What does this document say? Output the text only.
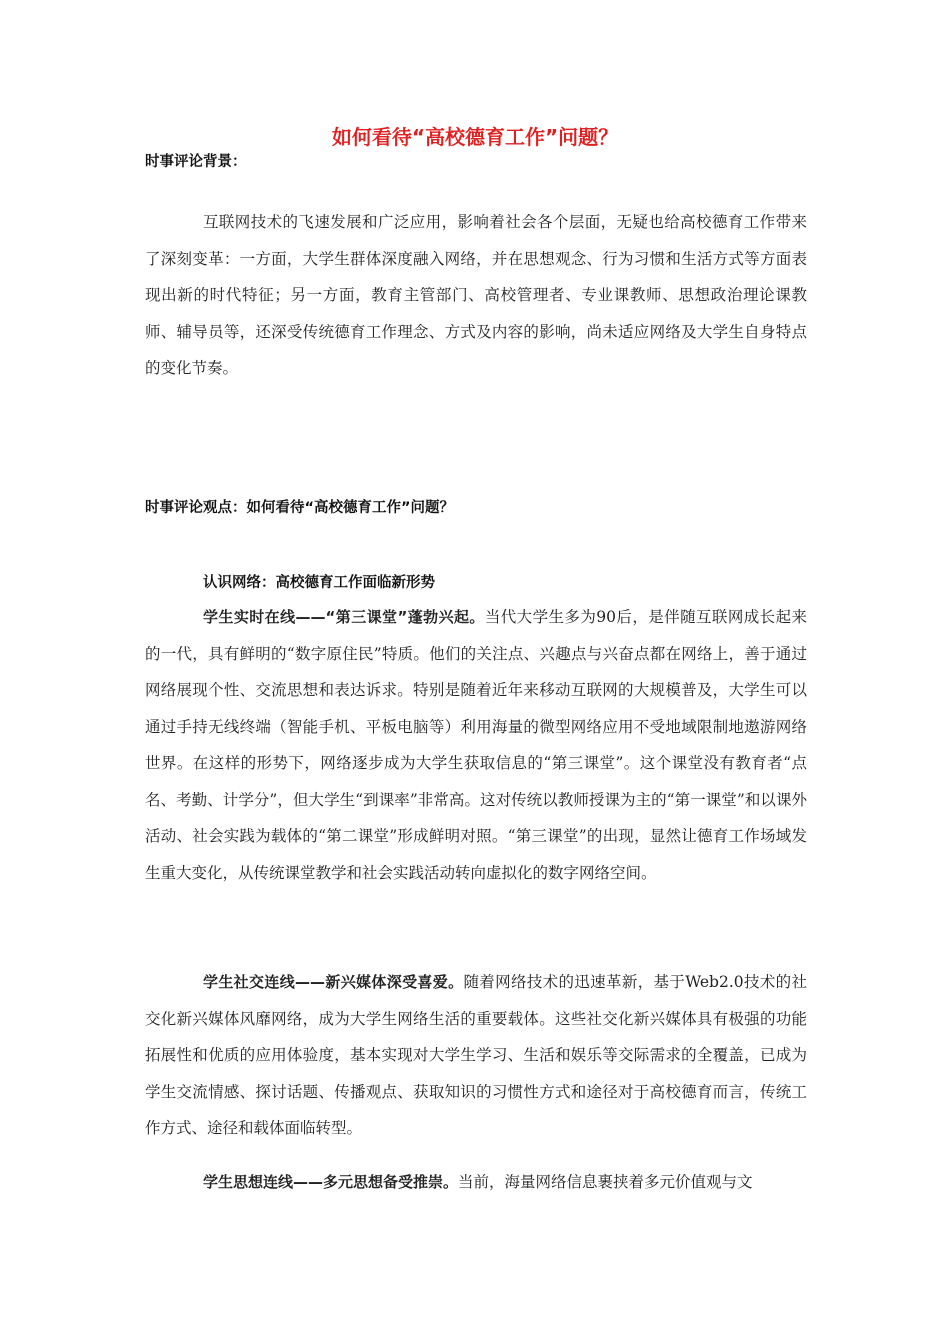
如何看待“高校德育工作”问题？
时事评论背景：

互联网技术的飞速发展和广泛应用，影响着社会各个层面，无疑也给高校德育工作带来了深刻变革：一方面，大学生群体深度融入网络，并在思想观念、行为习惯和生活方式等方面表现出新的时代特征；另一方面，教育主管部门、高校管理者、专业课教师、思想政治理论课教师、辅导员等，还深受传统德育工作理念、方式及内容的影响，尚未适应网络及大学生自身特点的变化节奏。

时事评论观点：如何看待“高校德育工作”问题？
认识网络：高校德育工作面临新形势

学生实时在线——“第三课堂”蓬勃兴起。当代大学生多为90后，是伴随互联网成长起来的一代，具有鲜明的“数字原住民”特质。他们的关注点、兴趣点与兴奋点都在网络上，善于通过网络展现个性、交流思想和表达诉求。特别是随着近年来移动互联网的大规模普及，大学生可以通过手持无线终端（智能手机、平板电脑等）利用海量的微型网络应用不受地域限制地遨游网络世界。在这样的形势下，网络逐步成为大学生获取信息的“第三课堂”。这个课堂没有教育者“点名、考勤、计学分”，但大学生“到课率”非常高。这对传统以教师授课为主的“第一课堂”和以课外活动、社会实践为载体的“第二课堂”形成鲜明对照。“第三课堂”的出现，显然让德育工作场域发生重大变化，从传统课堂教学和社会实践活动转向虚拟化的数字网络空间。

学生社交连线——新兴媒体深受喜爱。随着网络技术的迅速革新，基于Web2.0技术的社交化新兴媒体风靡网络，成为大学生网络生活的重要载体。这些社交化新兴媒体具有极强的功能拓展性和优质的应用体验度，基本实现对大学生学习、生活和娱乐等交际需求的全覆盖，已成为学生交流情感、探讨话题、传播观点、获取知识的习惯性方式和途径对于高校德育而言，传统工作方式、途径和载体面临转型。

学生思想连线——多元思想备受推崇。当前，海量网络信息裹挟着多元价值观与文
